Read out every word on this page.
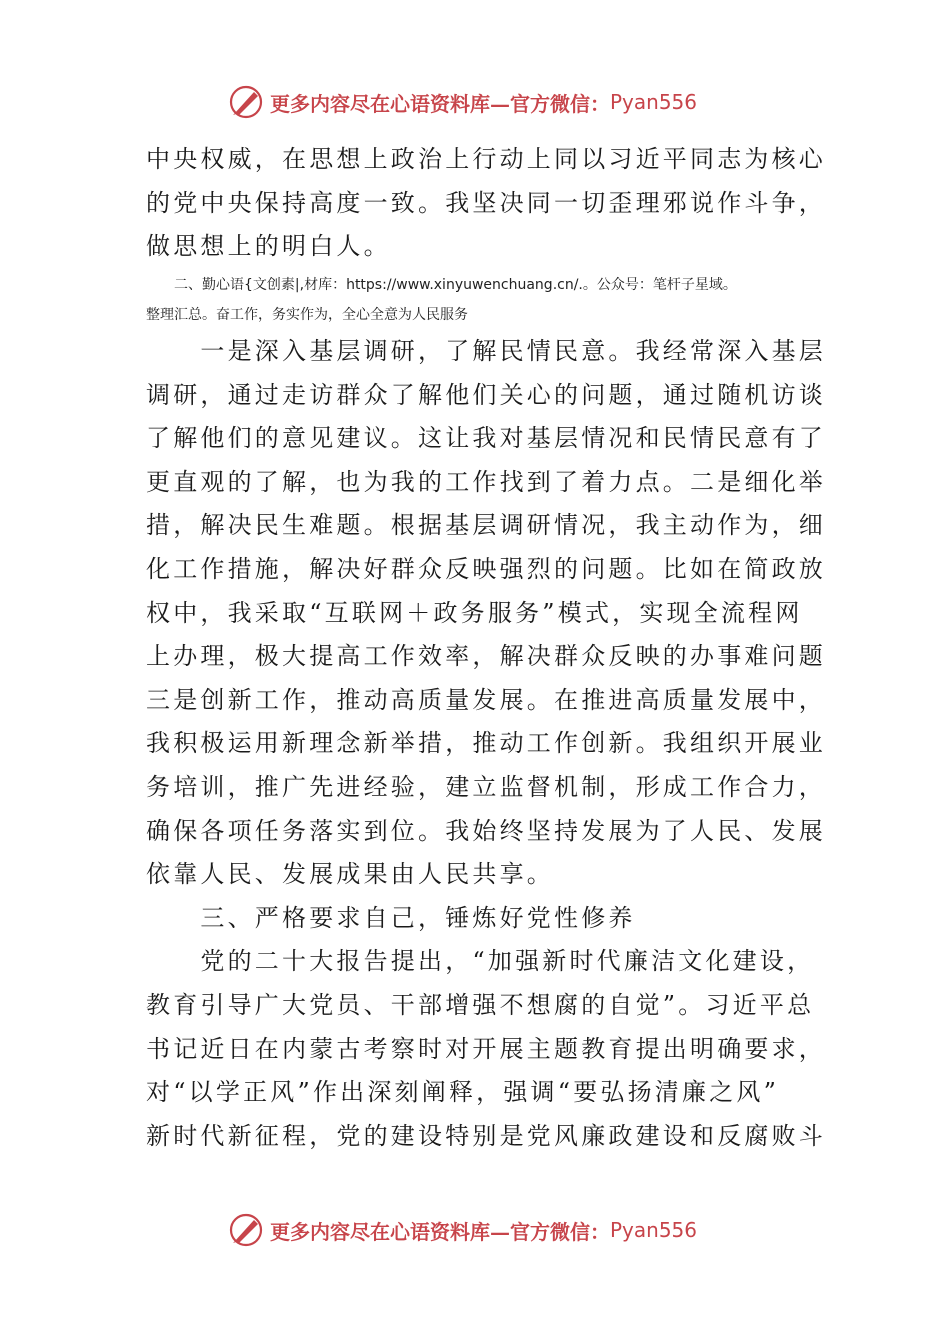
更多内容尽在心语资料库—官方微信： Pyan556
中央权威，在思想上政治上行动上同以习近平同志为核心
的党中央保持高度一致。我坚决同一切歪理邪说作斗争，
做思想上的明白人。
　　二、勤心语{文创素|,材库：https://www.xinyuwenchuang.cn/.。公众号：笔杆子星域。
整理汇总。奋工作，务实作为，全心全意为人民服务
　　一是深入基层调研，了解民情民意。我经常深入基层
调研，通过走访群众了解他们关心的问题，通过随机访谈
了解他们的意见建议。这让我对基层情况和民情民意有了
更直观的了解，也为我的工作找到了着力点。二是细化举
措，解决民生难题。根据基层调研情况，我主动作为，细
化工作措施，解决好群众反映强烈的问题。比如在简政放
权中，我采取“互联网＋政务服务”模式，实现全流程网
上办理，极大提高工作效率，解决群众反映的办事难问题
三是创新工作，推动高质量发展。在推进高质量发展中，
我积极运用新理念新举措，推动工作创新。我组织开展业
务培训，推广先进经验，建立监督机制，形成工作合力，
确保各项任务落实到位。我始终坚持发展为了人民、发展
依靠人民、发展成果由人民共享。
　　三、严格要求自己，锤炼好党性修养
　　党的二十大报告提出，“加强新时代廉洁文化建设，
教育引导广大党员、干部增强不想腐的自觉”。习近平总
书记近日在内蒙古考察时对开展主题教育提出明确要求，
对“以学正风”作出深刻阐释，强调“要弘扬清廉之风”
新时代新征程，党的建设特别是党风廉政建设和反腐败斗
更多内容尽在心语资料库—官方微信： Pyan556
